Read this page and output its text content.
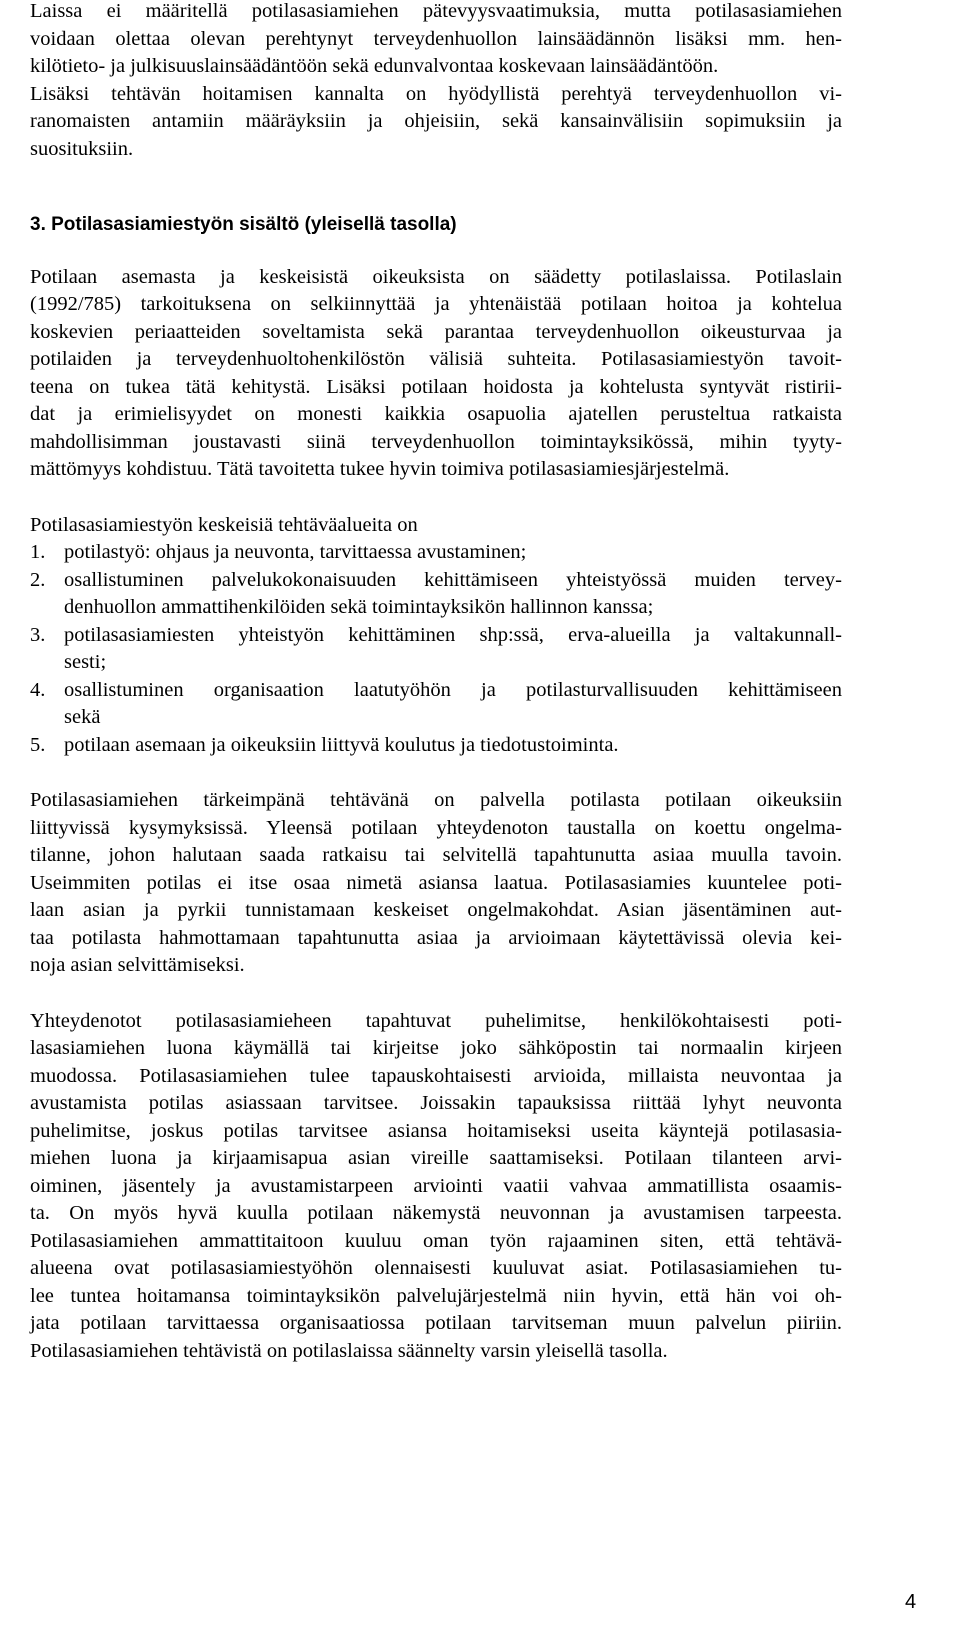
Laissa ei määritellä potilasasiamiehen pätevyysvaatimuksia, mutta potilasasiamiehen
voidaan olettaa olevan perehtynyt terveydenhuollon lainsäädännön lisäksi mm. hen-
kilötieto- ja julkisuuslainsäädäntöön sekä edunvalvontaa koskevaan lainsäädäntöön.
Lisäksi tehtävän hoitamisen kannalta on hyödyllistä perehtyä terveydenhuollon vi-
ranomaisten antamiin määräyksiin ja ohjeisiin, sekä kansainvälisiin sopimuksiin ja
suosituksiin.
3. Potilasasiamiestyön sisältö (yleisellä tasolla)
Potilaan asemasta ja keskeisistä oikeuksista on säädetty potilaslaissa. Potilaslain
(1992/785) tarkoituksena on selkiinnyttää ja yhtenäistää potilaan hoitoa ja kohtelua
koskevien periaatteiden soveltamista sekä parantaa terveydenhuollon oikeusturvaa ja
potilaiden ja terveydenhuoltohenkilöstön välisiä suhteita. Potilasasiamiestyön tavoit-
teena on tukea tätä kehitystä. Lisäksi potilaan hoidosta ja kohtelusta syntyvät ristirii-
dat ja erimielisyydet on monesti kaikkia osapuolia ajatellen perusteltua ratkaista
mahdollisimman joustavasti siinä terveydenhuollon toimintayksikössä, mihin tyyty-
mättömyys kohdistuu. Tätä tavoitetta tukee hyvin toimiva potilasasiamiesjärjestelmä.
Potilasasiamiestyön keskeisiä tehtäväalueita on
1. potilastyö: ohjaus ja neuvonta, tarvittaessa avustaminen;
2. osallistuminen palvelukokonaisuuden kehittämiseen yhteistyössä muiden tervey-
denhuollon ammattihenkilöiden sekä toimintayksikön hallinnon kanssa;
3. potilasasiamiesten yhteistyön kehittäminen shp:ssä, erva-alueilla ja valtakunnall-
sesti;
4. osallistuminen organisaation laatutyöhön ja potilasturvallisuuden kehittämiseen
sekä
5. potilaan asemaan ja oikeuksiin liittyvä koulutus ja tiedotustoiminta.
Potilasasiamiehen tärkeimpänä tehtävänä on palvella potilasta potilaan oikeuksiin
liittyvissä kysymyksissä. Yleensä potilaan yhteydenoton taustalla on koettu ongelma-
tilanne, johon halutaan saada ratkaisu tai selvitellä tapahtunutta asiaa muulla tavoin.
Useimmiten potilas ei itse osaa nimetä asiansa laatua. Potilasasiamies kuuntelee poti-
laan asian ja pyrkii tunnistamaan keskeiset ongelmakohdat. Asian jäsentäminen aut-
taa potilasta hahmottamaan tapahtunutta asiaa ja arvioimaan käytettävissä olevia kei-
noja asian selvittämiseksi.
Yhteydenotot potilasasiamieheen tapahtuvat puhelimitse, henkilökohtaisesti poti-
lasasiamiehen luona käymällä tai kirjeitse joko sähköpostin tai normaalin kirjeen
muodossa. Potilasasiamiehen tulee tapauskohtaisesti arvioida, millaista neuvontaa ja
avustamista potilas asiassaan tarvitsee. Joissakin tapauksissa riittää lyhyt neuvonta
puhelimitse, joskus potilas tarvitsee asiansa hoitamiseksi useita käyntejä potilasasia-
miehen luona ja kirjaamisapua asian vireille saattamiseksi. Potilaan tilanteen arvi-
oiminen, jäsentely ja avustamistarpeen arviointi vaatii vahvaa ammatillista osaamis-
ta. On myös hyvä kuulla potilaan näkemystä neuvonnan ja avustamisen tarpeesta.
Potilasasiamiehen ammattitaitoon kuuluu oman työn rajaaminen siten, että tehtävä-
alueena ovat potilasasiamiestyöhön olennaisesti kuuluvat asiat. Potilasasiamiehen tu-
lee tuntea hoitamansa toimintayksikön palvelujärjestelmä niin hyvin, että hän voi oh-
jata potilaan tarvittaessa organisaatiossa potilaan tarvitseman muun palvelun piiriin.
Potilasasiamiehen tehtävistä on potilaslaissa säännelty varsin yleisellä tasolla.
4
